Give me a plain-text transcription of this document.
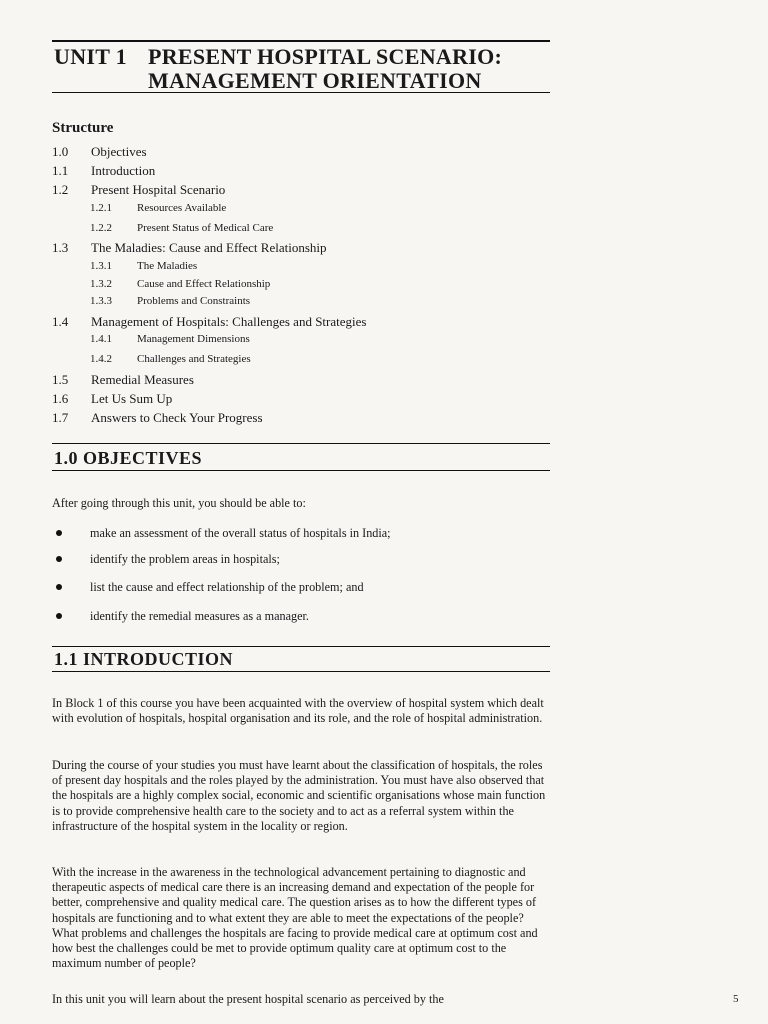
UNIT 1 PRESENT HOSPITAL SCENARIO:
MANAGEMENT ORIENTATION
Structure
1.0 Objectives
1.1 Introduction
1.2 Present Hospital Scenario
1.2.1 Resources Available
1.2.2 Present Status of Medical Care
1.3 The Maladies: Cause and Effect Relationship
1.3.1 The Maladies
1.3.2 Cause and Effect Relationship
1.3.3 Problems and Constraints
1.4 Management of Hospitals: Challenges and Strategies
1.4.1 Management Dimensions
1.4.2 Challenges and Strategies
1.5 Remedial Measures
1.6 Let Us Sum Up
1.7 Answers to Check Your Progress
1.0 OBJECTIVES
After going through this unit, you should be able to:
make an assessment of the overall status of hospitals in India;
identify the problem areas in hospitals;
list the cause and effect relationship of the problem; and
identify the remedial measures as a manager.
1.1 INTRODUCTION
In Block 1 of this course you have been acquainted with the overview of hospital system which dealt with evolution of hospitals, hospital organisation and its role, and the role of hospital administration.
During the course of your studies you must have learnt about the classification of hospitals, the roles of present day hospitals and the roles played by the administration. You must have also observed that the hospitals are a highly complex social, economic and scientific organisations whose main function is to provide comprehensive health care to the society and to act as a referral system within the infrastructure of the hospital system in the locality or region.
With the increase in the awareness in the technological advancement pertaining to diagnostic and therapeutic aspects of medical care there is an increasing demand and expectation of the people for better, comprehensive and quality medical care. The question arises as to how the different types of hospitals are functioning and to what extent they are able to meet the expectations of the people? What problems and challenges the hospitals are facing to provide medical care at optimum cost and how best the challenges could be met to provide optimum quality care at optimum cost to the maximum number of people?
In this unit you will learn about the present hospital scenario as perceived by the	5
